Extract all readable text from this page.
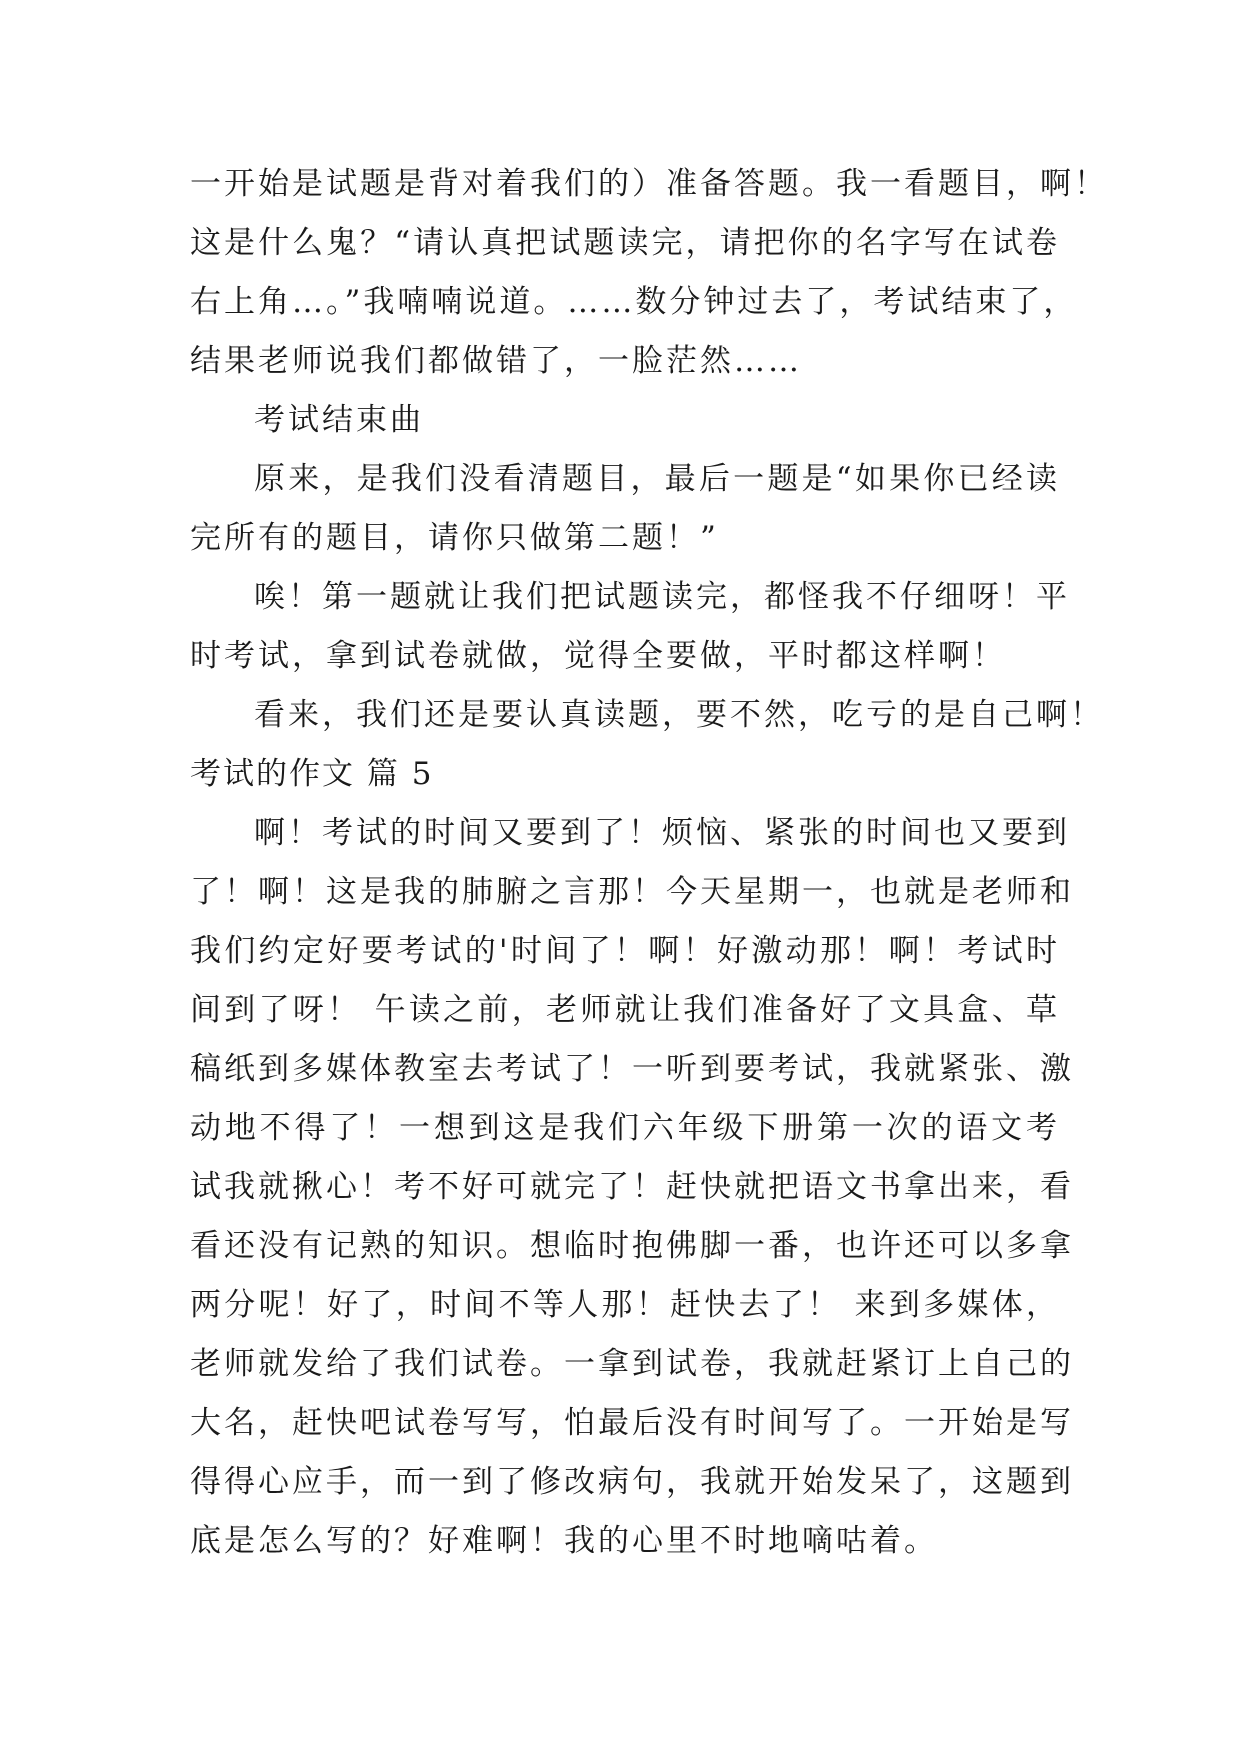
一开始是试题是背对着我们的）准备答题。我一看题目，啊！
这是什么鬼？“请认真把试题读完，请把你的名字写在试卷
右上角…。”我喃喃说道。……数分钟过去了，考试结束了，
结果老师说我们都做错了，一脸茫然……
考试结束曲
原来，是我们没看清题目，最后一题是“如果你已经读
完所有的题目，请你只做第二题！”
唉！第一题就让我们把试题读完，都怪我不仔细呀！平
时考试，拿到试卷就做，觉得全要做，平时都这样啊！
看来，我们还是要认真读题，要不然，吃亏的是自己啊！
考试的作文 篇 5
啊！考试的时间又要到了！烦恼、紧张的时间也又要到
了！啊！这是我的肺腑之言那！今天星期一，也就是老师和
我们约定好要考试的'时间了！啊！好激动那！啊！考试时
间到了呀！ 午读之前，老师就让我们准备好了文具盒、草
稿纸到多媒体教室去考试了！一听到要考试，我就紧张、激
动地不得了！一想到这是我们六年级下册第一次的语文考
试我就揪心！考不好可就完了！赶快就把语文书拿出来，看
看还没有记熟的知识。想临时抱佛脚一番，也许还可以多拿
两分呢！好了，时间不等人那！赶快去了！ 来到多媒体，
老师就发给了我们试卷。一拿到试卷，我就赶紧订上自己的
大名，赶快吧试卷写写，怕最后没有时间写了。一开始是写
得得心应手，而一到了修改病句，我就开始发呆了，这题到
底是怎么写的？好难啊！我的心里不时地嘀咕着。
